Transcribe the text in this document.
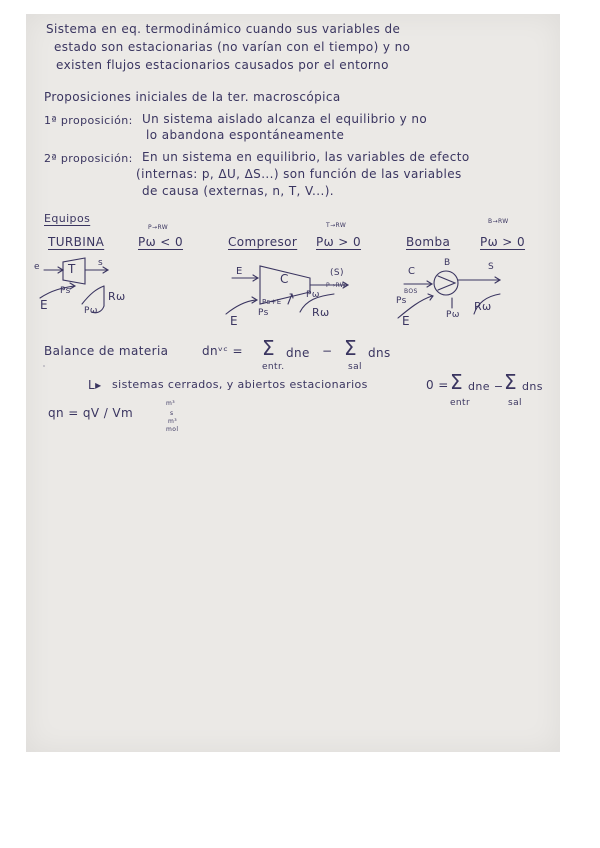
Sistema en eq. termodinámico cuando sus variables de
estado son estacionarias (no varían con el tiempo) y no
existen flujos estacionarios causados por el entorno
Proposiciones iniciales de la ter. macroscópica
1ª proposición: Un sistema aislado alcanza el equilibrio y no
lo abandona espontáneamente
2ª proposición: En un sistema en equilibrio, las variables de efecto
(internas: p, ΔU, ΔS...) son función de las variables
de causa (externas, n, T, V...).
Equipos
TURBINA
P→RW
Pω < 0	Compresor
T→RW
Pω > 0	Bomba
B→RW
Pω > 0
T
e	s
E
Ps
Pω
Rω
C
E	(S)
P→RW
E
Ps+E
Ps
Pω
Rω
B
C	S
BOS
Ps
E	Pω
Rω
Balance de materia	dnᵛᶜ = Σ
entr.
dne − Σ
sal
dns
L▸ sistemas cerrados, y abiertos estacionarios	0 = Σ
entr
dne − Σ
sal
dns
qn = qV / Vm
m³
s
m³
mol
